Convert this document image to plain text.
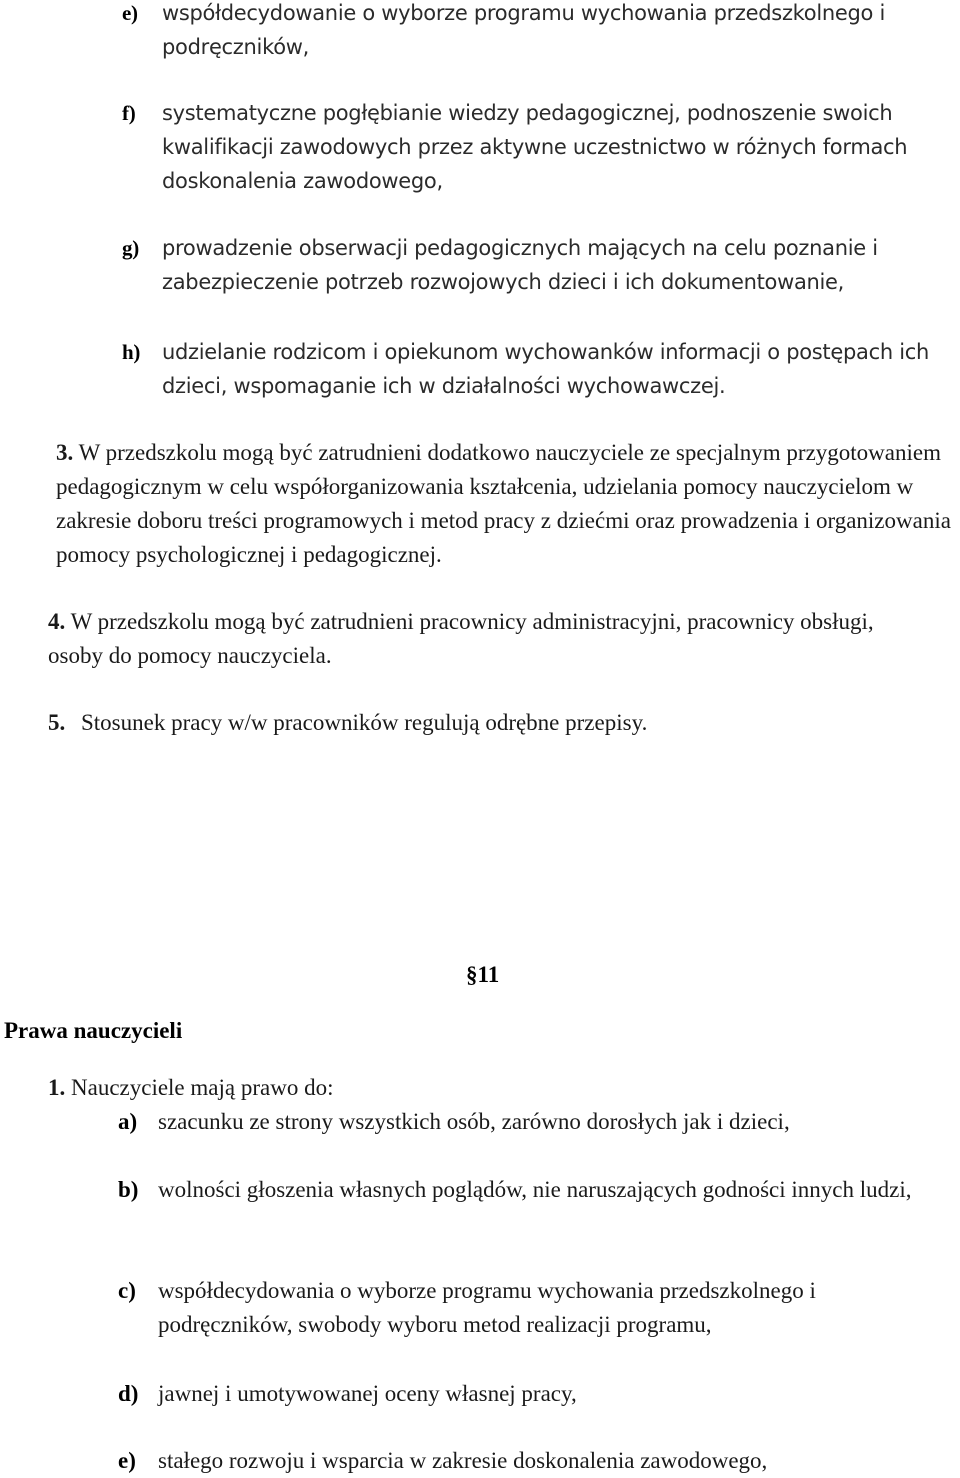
e)	współdecydowanie o wyborze programu wychowania przedszkolnego i podręczników,
f)	systematyczne pogłębianie wiedzy pedagogicznej, podnoszenie swoich kwalifikacji zawodowych przez aktywne uczestnictwo w różnych formach doskonalenia zawodowego,
g)	prowadzenie obserwacji pedagogicznych mających na celu poznanie i zabezpieczenie potrzeb rozwojowych dzieci i ich dokumentowanie,
h)	udzielanie rodzicom i opiekunom wychowanków informacji o postępach ich dzieci, wspomaganie ich w działalności wychowawczej.
3. W przedszkolu mogą być zatrudnieni dodatkowo nauczyciele ze specjalnym przygotowaniem pedagogicznym w celu współorganizowania kształcenia, udzielania pomocy nauczycielom w zakresie doboru treści programowych i metod pracy z dziećmi oraz prowadzenia i organizowania pomocy psychologicznej i pedagogicznej.
4. W przedszkolu mogą być zatrudnieni pracownicy administracyjni, pracownicy obsługi, osoby do pomocy nauczyciela.
5. Stosunek pracy w/w pracowników regulują odrębne przepisy.
§11
Prawa nauczycieli
1. Nauczyciele mają prawo do:
a) szacunku ze strony wszystkich osób, zarówno dorosłych jak i dzieci,
b) wolności głoszenia własnych poglądów, nie naruszających godności innych ludzi,
c) współdecydowania o wyborze programu wychowania przedszkolnego i podręczników, swobody wyboru metod realizacji programu,
d) jawnej i umotywowanej oceny własnej pracy,
e) stałego rozwoju i wsparcia w zakresie doskonalenia zawodowego,
